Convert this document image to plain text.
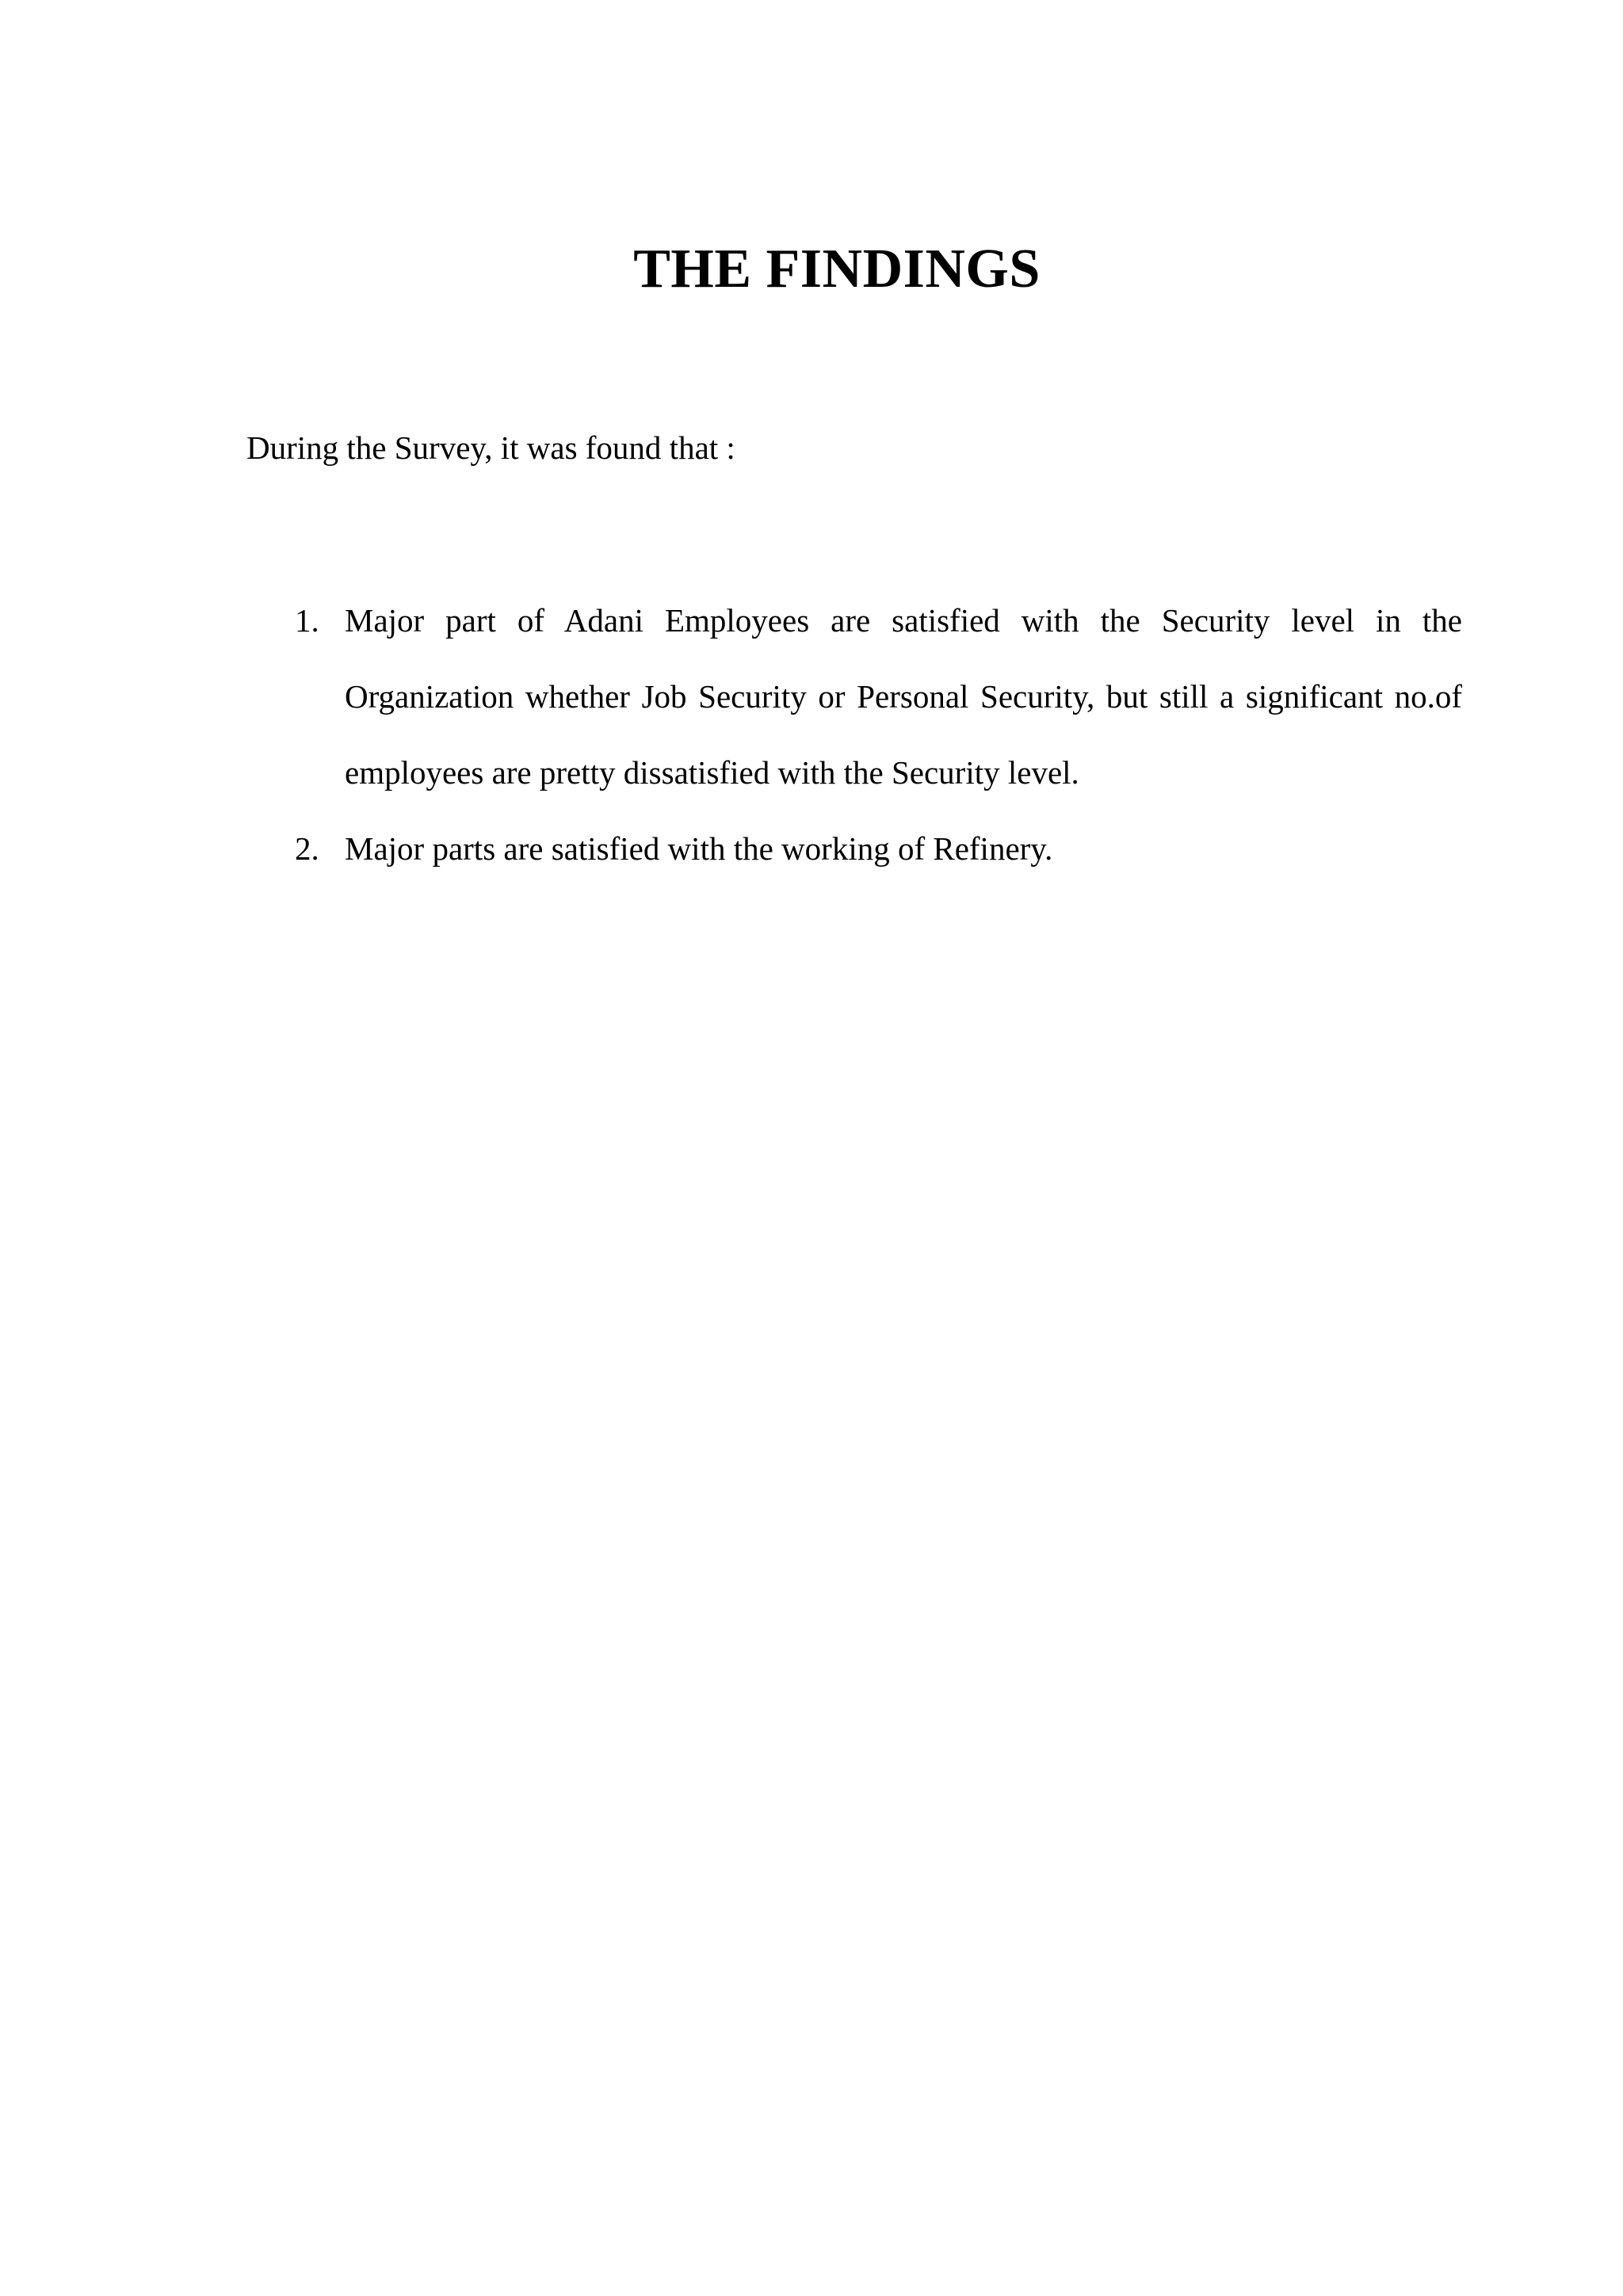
THE FINDINGS

During the Survey, it was found that :

1. Major part of Adani Employees are satisfied with the Security level in the Organization whether Job Security or Personal Security, but still a significant no.of employees are pretty dissatisfied with the Security level.
2. Major parts are satisfied with the working of Refinery.
